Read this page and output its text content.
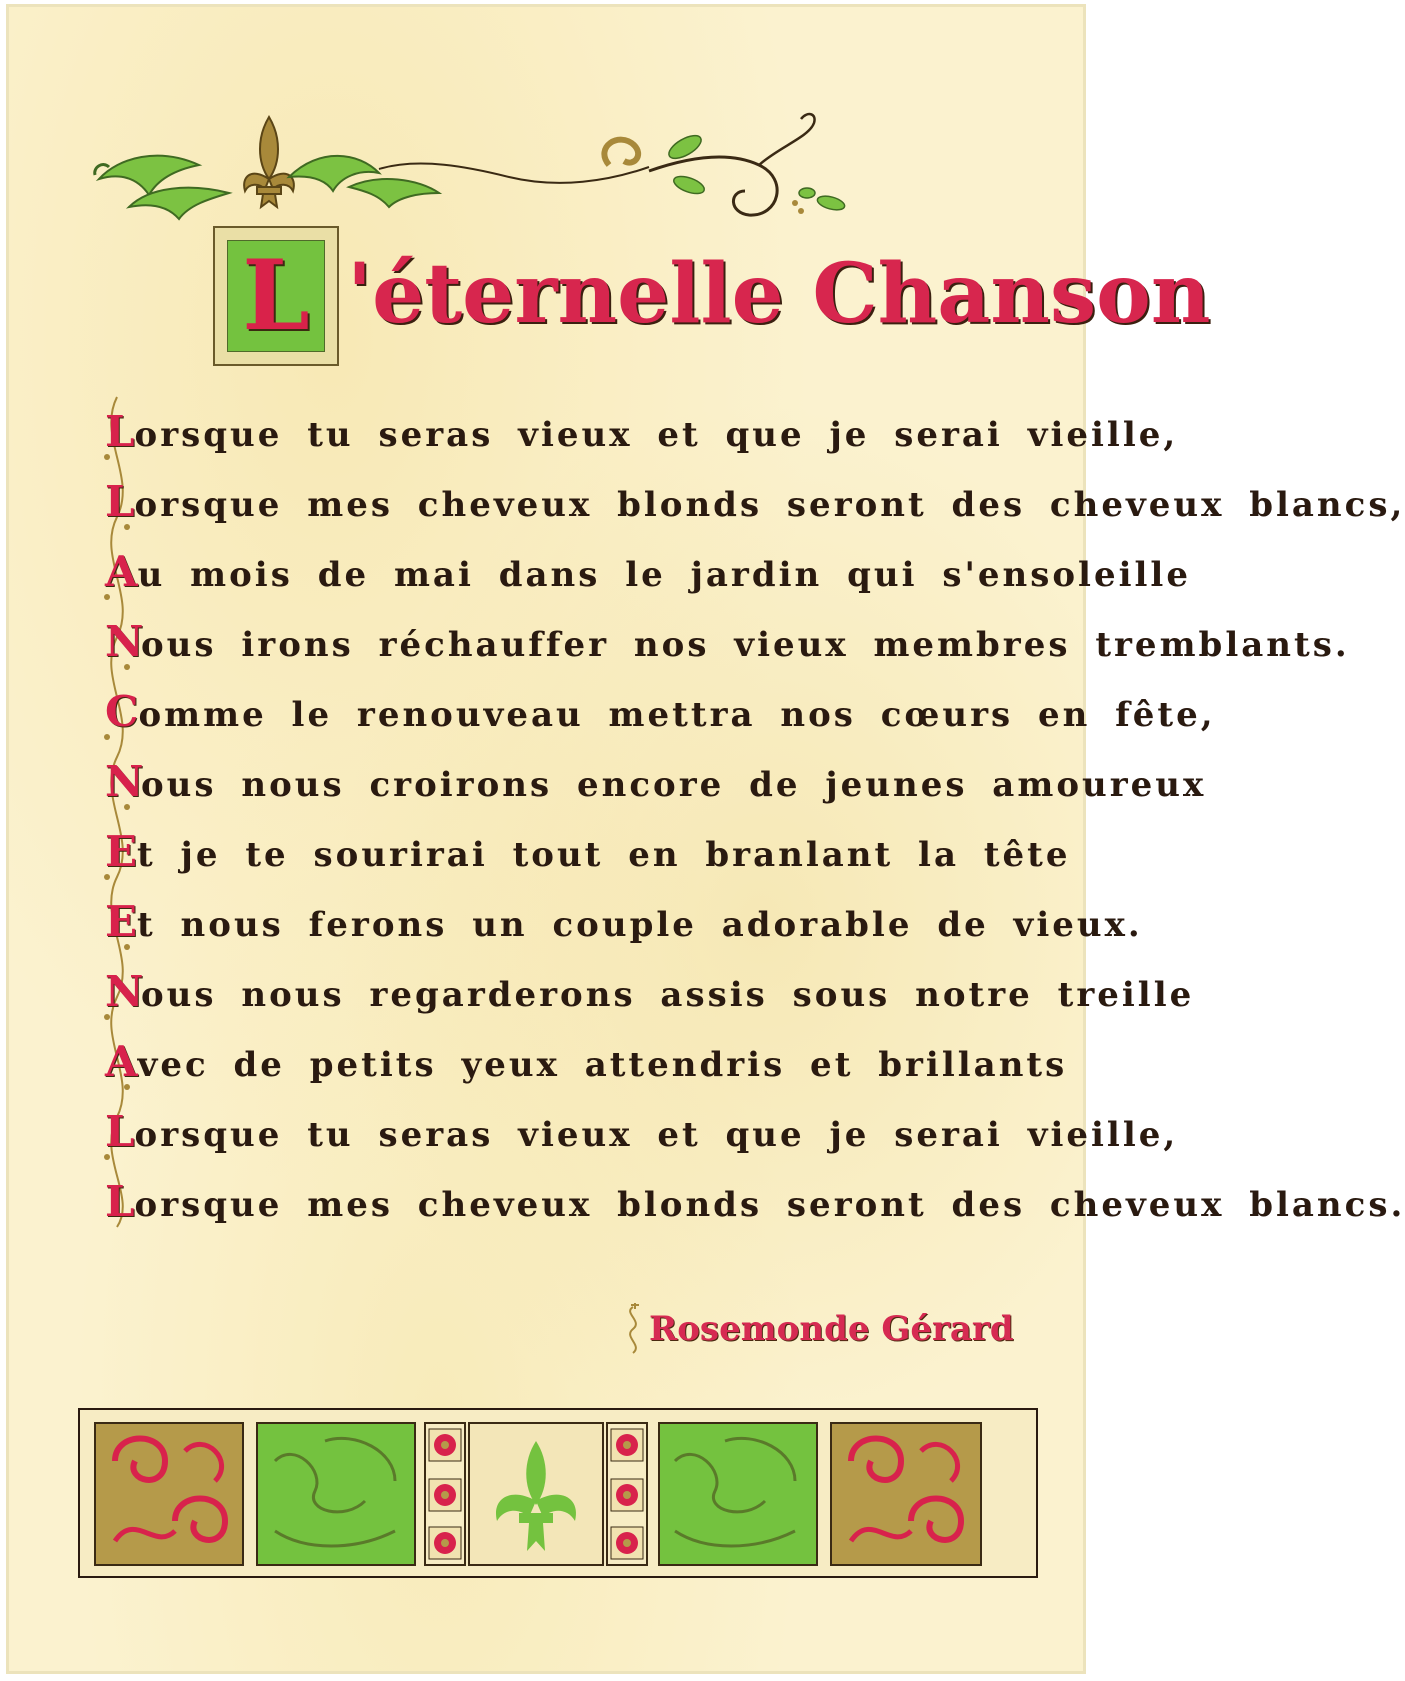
L 'éternelle Chanson
L orsque tu seras vieux et que je serai vieille,
L orsque mes cheveux blonds seront des cheveux blancs,
A u mois de mai dans le jardin qui s'ensoleille
N
ous irons réchauffer nos vieux membres tremblants.
C omme le renouveau mettra nos cœurs en fête,
N
ous nous croirons encore de jeunes amoureux
E t je te sourirai tout en branlant la tête
E t nous ferons un couple adorable de vieux.
N
ous nous regarderons assis sous notre treille
A vec de petits yeux attendris et brillants
L orsque tu seras vieux et que je serai vieille,
L orsque mes cheveux blonds seront des cheveux blancs.
Rosemonde Gérard
